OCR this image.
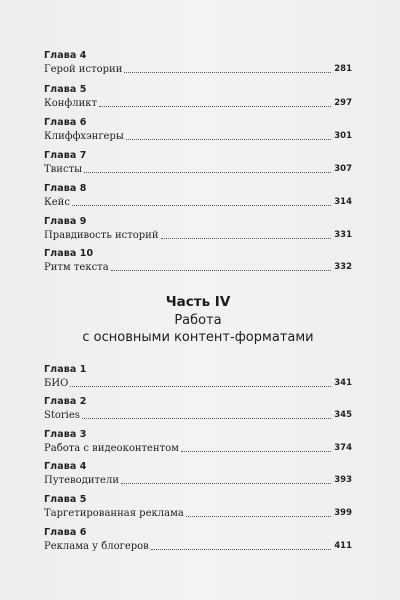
Глава 4
Герой истории	281
Глава 5
Конфликт	297
Глава 6
Клиффхэнгеры	301
Глава 7
Твисты	307
Глава 8
Кейс	314
Глава 9
Правдивость историй	331
Глава 10
Ритм текста	332
Часть IV
Работа
с основными контент-форматами
Глава 1
БИО	341
Глава 2
Stories	345
Глава 3
Работа с видеоконтентом	374
Глава 4
Путеводители	393
Глава 5
Таргетированная реклама	399
Глава 6
Реклама у блогеров	411
